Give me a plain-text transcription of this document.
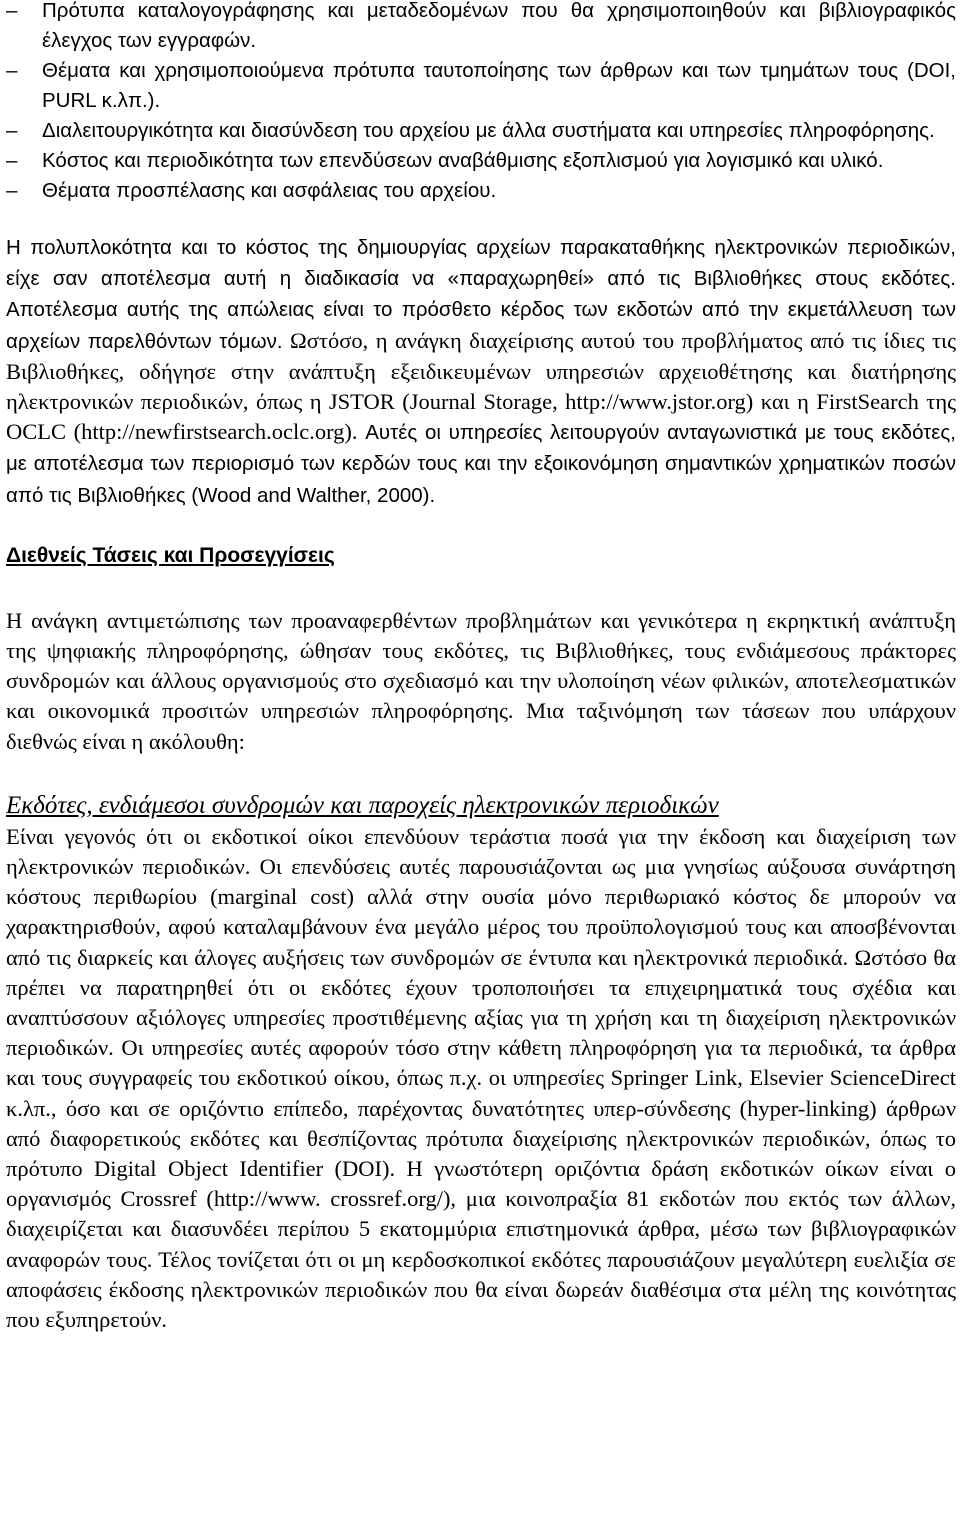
– Πρότυπα καταλογογράφησης και μεταδεδομένων που θα χρησιμοποιηθούν και βιβλιογραφικός έλεγχος των εγγραφών.
– Θέματα και χρησιμοποιούμενα πρότυπα ταυτοποίησης των άρθρων και των τμημάτων τους (DOI, PURL κ.λπ.).
– Διαλειτουργικότητα και διασύνδεση του αρχείου με άλλα συστήματα και υπηρεσίες πληροφόρησης.
– Κόστος και περιοδικότητα των επενδύσεων αναβάθμισης εξοπλισμού για λογισμικό και υλικό.
– Θέματα προσπέλασης και ασφάλειας του αρχείου.

Η πολυπλοκότητα και το κόστος της δημιουργίας αρχείων παρακαταθήκης ηλεκτρονικών περιοδικών, είχε σαν αποτέλεσμα αυτή η διαδικασία να «παραχωρηθεί» από τις Βιβλιοθήκες στους εκδότες. Αποτέλεσμα αυτής της απώλειας είναι το πρόσθετο κέρδος των εκδοτών από την εκμετάλλευση των αρχείων παρελθόντων τόμων. Ωστόσο, η ανάγκη διαχείρισης αυτού του προβλήματος από τις ίδιες τις Βιβλιοθήκες, οδήγησε στην ανάπτυξη εξειδικευμένων υπηρεσιών αρχειοθέτησης και διατήρησης ηλεκτρονικών περιοδικών, όπως η JSTOR (Journal Storage, http://www.jstor.org) και η FirstSearch της OCLC (http://newfirstsearch.oclc.org). Αυτές οι υπηρεσίες λειτουργούν ανταγωνιστικά με τους εκδότες, με αποτέλεσμα των περιορισμό των κερδών τους και την εξοικονόμηση σημαντικών χρηματικών ποσών από τις Βιβλιοθήκες (Wood and Walther, 2000).

Διεθνείς Τάσεις και Προσεγγίσεις

Η ανάγκη αντιμετώπισης των προαναφερθέντων προβλημάτων και γενικότερα η εκρηκτική ανάπτυξη της ψηφιακής πληροφόρησης, ώθησαν τους εκδότες, τις Βιβλιοθήκες, τους ενδιάμεσους πράκτορες συνδρομών και άλλους οργανισμούς στο σχεδιασμό και την υλοποίηση νέων φιλικών, αποτελεσματικών και οικονομικά προσιτών υπηρεσιών πληροφόρησης. Μια ταξινόμηση των τάσεων που υπάρχουν διεθνώς είναι η ακόλουθη:

Εκδότες, ενδιάμεσοι συνδρομών και παροχείς ηλεκτρονικών περιοδικών

Είναι γεγονός ότι οι εκδοτικοί οίκοι επενδύουν τεράστια ποσά για την έκδοση και διαχείριση των ηλεκτρονικών περιοδικών. Οι επενδύσεις αυτές παρουσιάζονται ως μια γνησίως αύξουσα συνάρτηση κόστους περιθωρίου (marginal cost) αλλά στην ουσία μόνο περιθωριακό κόστος δε μπορούν να χαρακτηρισθούν, αφού καταλαμβάνουν ένα μεγάλο μέρος του προϋπολογισμού τους και αποσβένονται από τις διαρκείς και άλογες αυξήσεις των συνδρομών σε έντυπα και ηλεκτρονικά περιοδικά. Ωστόσο θα πρέπει να παρατηρηθεί ότι οι εκδότες έχουν τροποποιήσει τα επιχειρηματικά τους σχέδια και αναπτύσσουν αξιόλογες υπηρεσίες προστιθέμενης αξίας για τη χρήση και τη διαχείριση ηλεκτρονικών περιοδικών. Οι υπηρεσίες αυτές αφορούν τόσο στην κάθετη πληροφόρηση για τα περιοδικά, τα άρθρα και τους συγγραφείς του εκδοτικού οίκου, όπως π.χ. οι υπηρεσίες Springer Link, Elsevier ScienceDirect κ.λπ., όσο και σε οριζόντιο επίπεδο, παρέχοντας δυνατότητες υπερ-σύνδεσης (hyper-linking) άρθρων από διαφορετικούς εκδότες και θεσπίζοντας πρότυπα διαχείρισης ηλεκτρονικών περιοδικών, όπως το πρότυπο Digital Object Identifier (DOI). Η γνωστότερη οριζόντια δράση εκδοτικών οίκων είναι ο οργανισμός Crossref (http://www. crossref.org/), μια κοινοπραξία 81 εκδοτών που εκτός των άλλων, διαχειρίζεται και διασυνδέει περίπου 5 εκατομμύρια επιστημονικά άρθρα, μέσω των βιβλιογραφικών αναφορών τους. Τέλος τονίζεται ότι οι μη κερδοσκοπικοί εκδότες παρουσιάζουν μεγαλύτερη ευελιξία σε αποφάσεις έκδοσης ηλεκτρονικών περιοδικών που θα είναι δωρεάν διαθέσιμα στα μέλη της κοινότητας που εξυπηρετούν.
